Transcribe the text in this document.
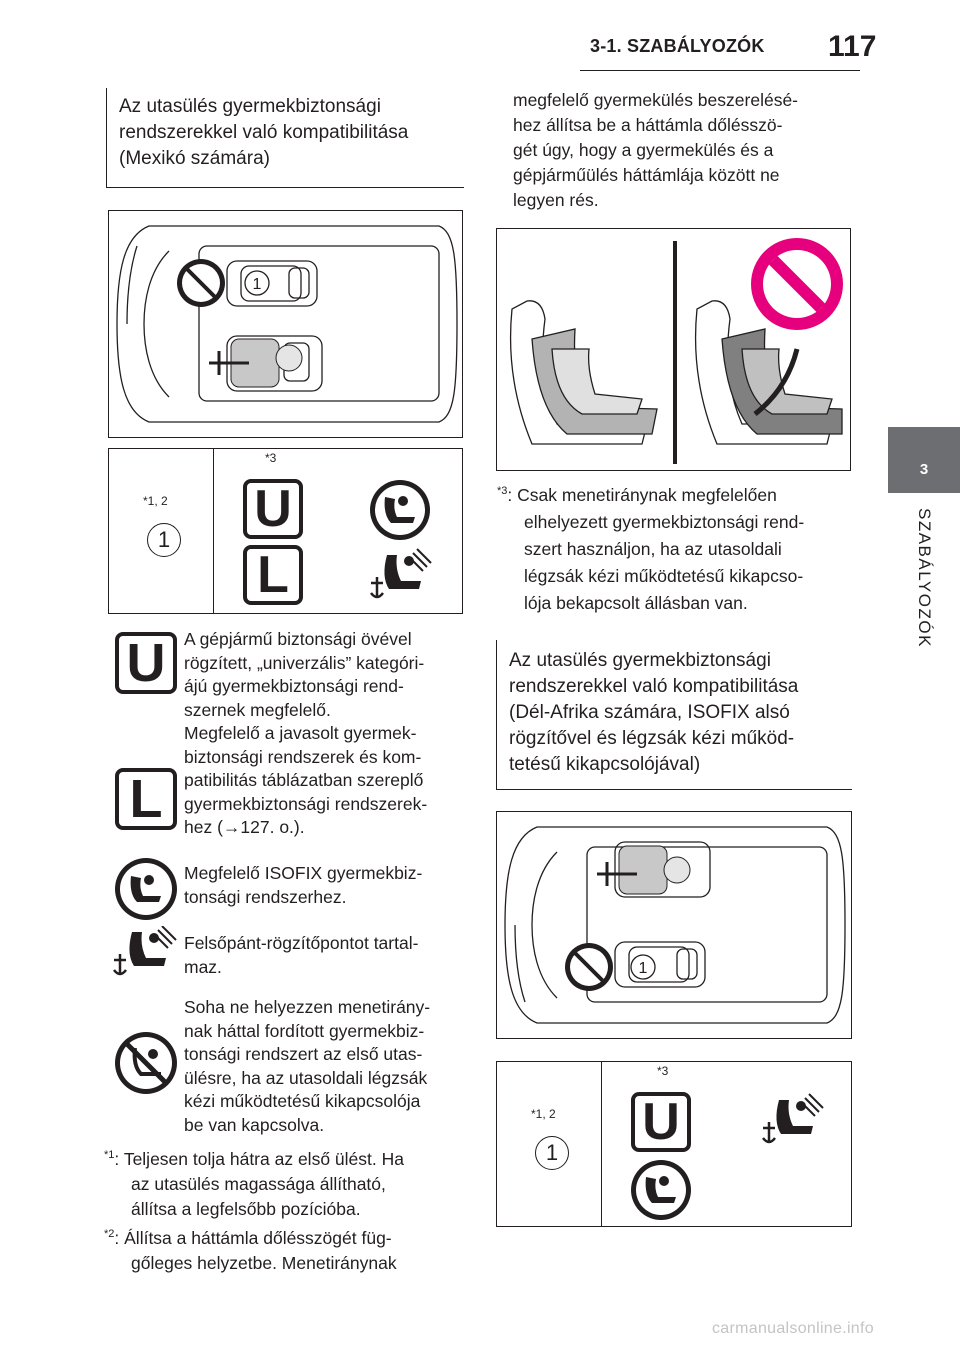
3-1. SZABÁLYOZÓK 117
3
SZABÁLYOZÓK
Az utasülés gyermekbiztonsági
rendszerekkel való kompatibilitása
(Mexikó számára)
1
*1, 2
1
*3
U
L
U	A gépjármű biztonsági övével
rögzített, „univerzális” kategóri-
ájú gyermekbiztonsági rend-
szernek megfelelő.
L
Megfelelő a javasolt gyermek-
biztonsági rendszerek és kom-
patibilitás táblázatban szereplő
gyermekbiztonsági rendszerek-
hez (→127. o.).
Megfelelő ISOFIX gyermekbiz-
tonsági rendszerhez.
Felsőpánt-rögzítőpontot tartal-
maz.
Soha ne helyezzen menetirány-
nak háttal fordított gyermekbiz-
tonsági rendszert az első utas-
ülésre, ha az utasoldali légzsák
kézi működtetésű kikapcsolója
be van kapcsolva.
$^{*1}$: Teljesen tolja hátra az első ülést. Ha
az utasülés magassága állítható,
állítsa a legfelsőbb pozícióba.
$^{*2}$: Állítsa a háttámla dőlésszögét füg-
gőleges helyzetbe. Menetiránynak
megfelelő gyermekülés beszerelésé-
hez állítsa be a háttámla dőlésszö-
gét úgy, hogy a gyermekülés és a
gépjárműülés háttámlája között ne
legyen rés.
$^{*3}$: Csak menetiránynak megfelelően
elhelyezett gyermekbiztonsági rend-
szert használjon, ha az utasoldali
légzsák kézi működtetésű kikapcso-
lója bekapcsolt állásban van.
Az utasülés gyermekbiztonsági
rendszerekkel való kompatibilitása
(Dél-Afrika számára, ISOFIX alsó
rögzítővel és légzsák kézi működ-
tetésű kikapcsolójával)
1
*1, 2
1
*3
U
carmanualsonline.info
